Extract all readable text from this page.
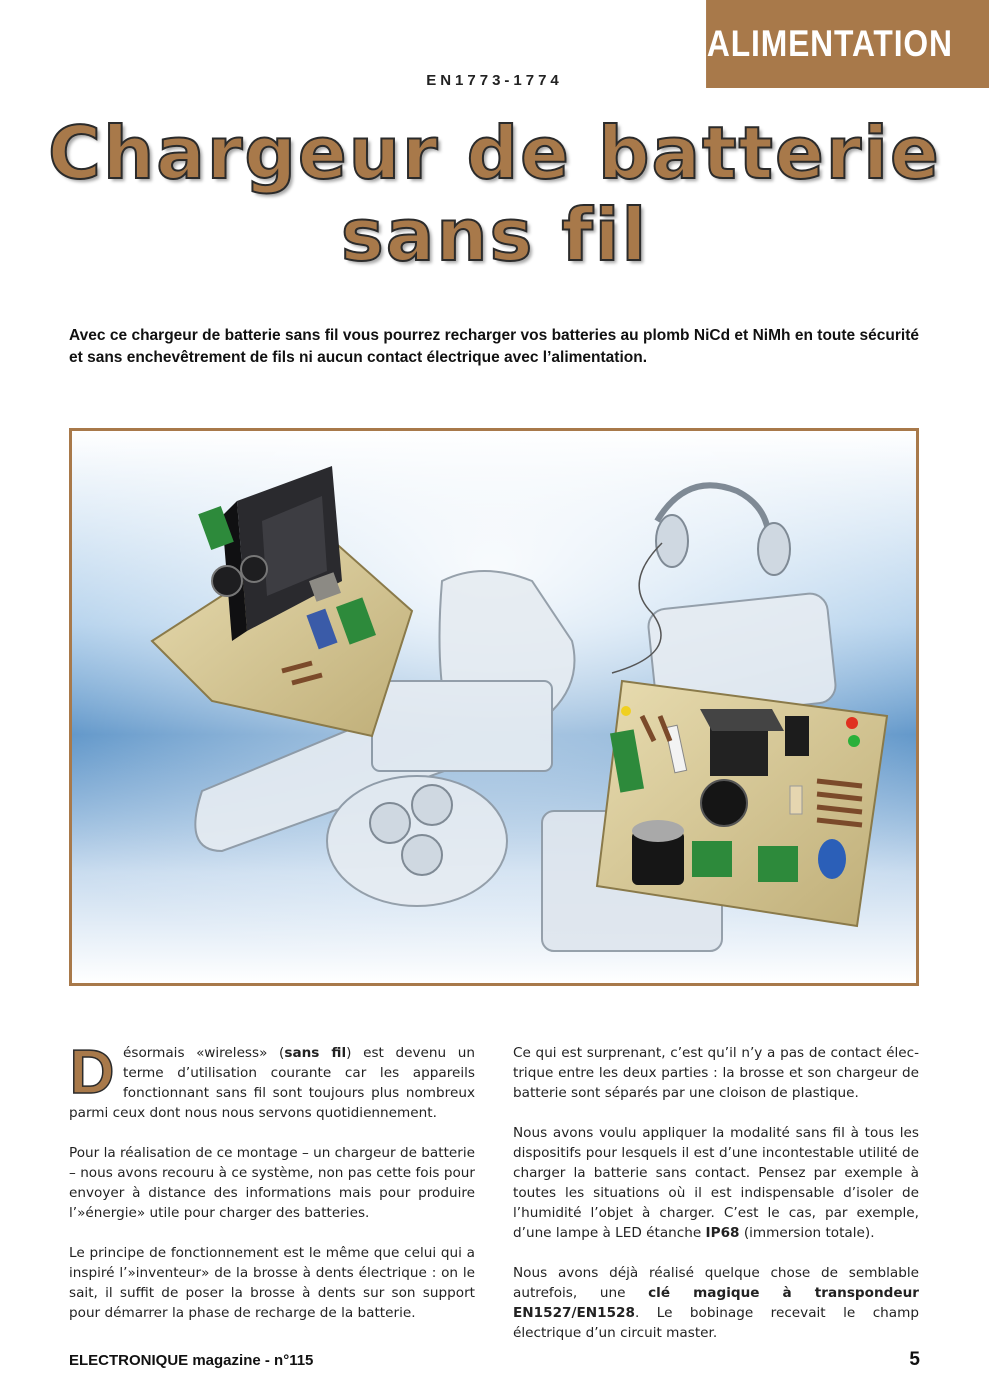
ALIMENTATION
EN1773-1774
Chargeur de batterie
sans fil
Avec ce chargeur de batterie sans fil vous pourrez recharger vos batteries au plomb NiCd et NiMh en toute sécurité et sans enchevêtrement de fils ni aucun contact électrique avec l’alimentation.

Désormais «wireless» (sans fil) est devenu un terme d’utilisation courante car les appareils fonctionnant sans fil sont toujours plus nombreux parmi ceux dont nous nous servons quotidiennement.

Pour la réalisation de ce montage – un chargeur de batterie – nous avons recouru à ce système, non pas cette fois pour envoyer à distance des informations mais pour produire l’»énergie» utile pour charger des batteries.

Le principe de fonctionnement est le même que celui qui a inspiré l’»inventeur» de la brosse à dents électrique : on le sait, il suffit de poser la brosse à dents sur son support pour démarrer la phase de recharge de la batterie.

Ce qui est surprenant, c’est qu’il n’y a pas de contact électrique entre les deux parties : la brosse et son chargeur de batterie sont séparés par une cloison de plastique.

Nous avons voulu appliquer la modalité sans fil à tous les dispositifs pour lesquels il est d’une incontestable utilité de charger la batterie sans contact. Pensez par exemple à toutes les situations où il est indispensable d’isoler de l’humidité l’objet à charger. C’est le cas, par exemple, d’une lampe à LED étanche IP68 (immersion totale).

Nous avons déjà réalisé quelque chose de semblable autrefois, une clé magique à transpondeur EN1527/EN1528. Le bobinage recevait le champ électrique d’un circuit master.

ELECTRONIQUE magazine - n°115	5
